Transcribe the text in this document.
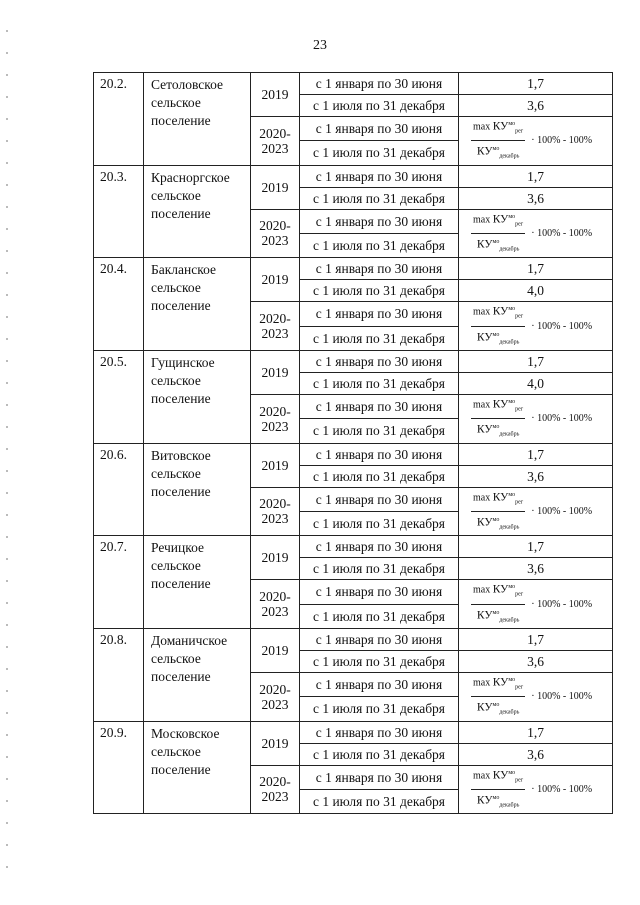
23
20.2.	Сетоловское сельское поселение	2019	с 1 января по 30 июня	1,7
			с 1 июля по 31 декабря	3,6
		2020-2023	с 1 января по 30 июня	$\frac{\max КУ^{мо}_{рег}}{КУ^{мо}_{декабрь}} \cdot 100\% - 100\%$
			с 1 июля по 31 декабря	
20.3.	Красноргское сельское поселение	2019	с 1 января по 30 июня	1,7
			с 1 июля по 31 декабря	3,6
		2020-2023	с 1 января по 30 июня	$\frac{\max КУ^{мо}_{рег}}{КУ^{мо}_{декабрь}} \cdot 100\% - 100\%$
			с 1 июля по 31 декабря	
20.4.	Бакланское сельское поселение	2019	с 1 января по 30 июня	1,7
			с 1 июля по 31 декабря	4,0
		2020-2023	с 1 января по 30 июня	$\frac{\max КУ^{мо}_{рег}}{КУ^{мо}_{декабрь}} \cdot 100\% - 100\%$
			с 1 июля по 31 декабря	
20.5.	Гущинское сельское поселение	2019	с 1 января по 30 июня	1,7
			с 1 июля по 31 декабря	4,0
		2020-2023	с 1 января по 30 июня	$\frac{\max КУ^{мо}_{рег}}{КУ^{мо}_{декабрь}} \cdot 100\% - 100\%$
			с 1 июля по 31 декабря	
20.6.	Витовское сельское поселение	2019	с 1 января по 30 июня	1,7
			с 1 июля по 31 декабря	3,6
		2020-2023	с 1 января по 30 июня	$\frac{\max КУ^{мо}_{рег}}{КУ^{мо}_{декабрь}} \cdot 100\% - 100\%$
			с 1 июля по 31 декабря	
20.7.	Речицкое сельское поселение	2019	с 1 января по 30 июня	1,7
			с 1 июля по 31 декабря	3,6
		2020-2023	с 1 января по 30 июня	$\frac{\max КУ^{мо}_{рег}}{КУ^{мо}_{декабрь}} \cdot 100\% - 100\%$
			с 1 июля по 31 декабря	
20.8.	Доманичское сельское поселение	2019	с 1 января по 30 июня	1,7
			с 1 июля по 31 декабря	3,6
		2020-2023	с 1 января по 30 июня	$\frac{\max КУ^{мо}_{рег}}{КУ^{мо}_{декабрь}} \cdot 100\% - 100\%$
			с 1 июля по 31 декабря	
20.9.	Московское сельское поселение	2019	с 1 января по 30 июня	1,7
			с 1 июля по 31 декабря	3,6
		2020-2023	с 1 января по 30 июня	$\frac{\max КУ^{мо}_{рег}}{КУ^{мо}_{декабрь}} \cdot 100\% - 100\%$
			с 1 июля по 31 декабря	
